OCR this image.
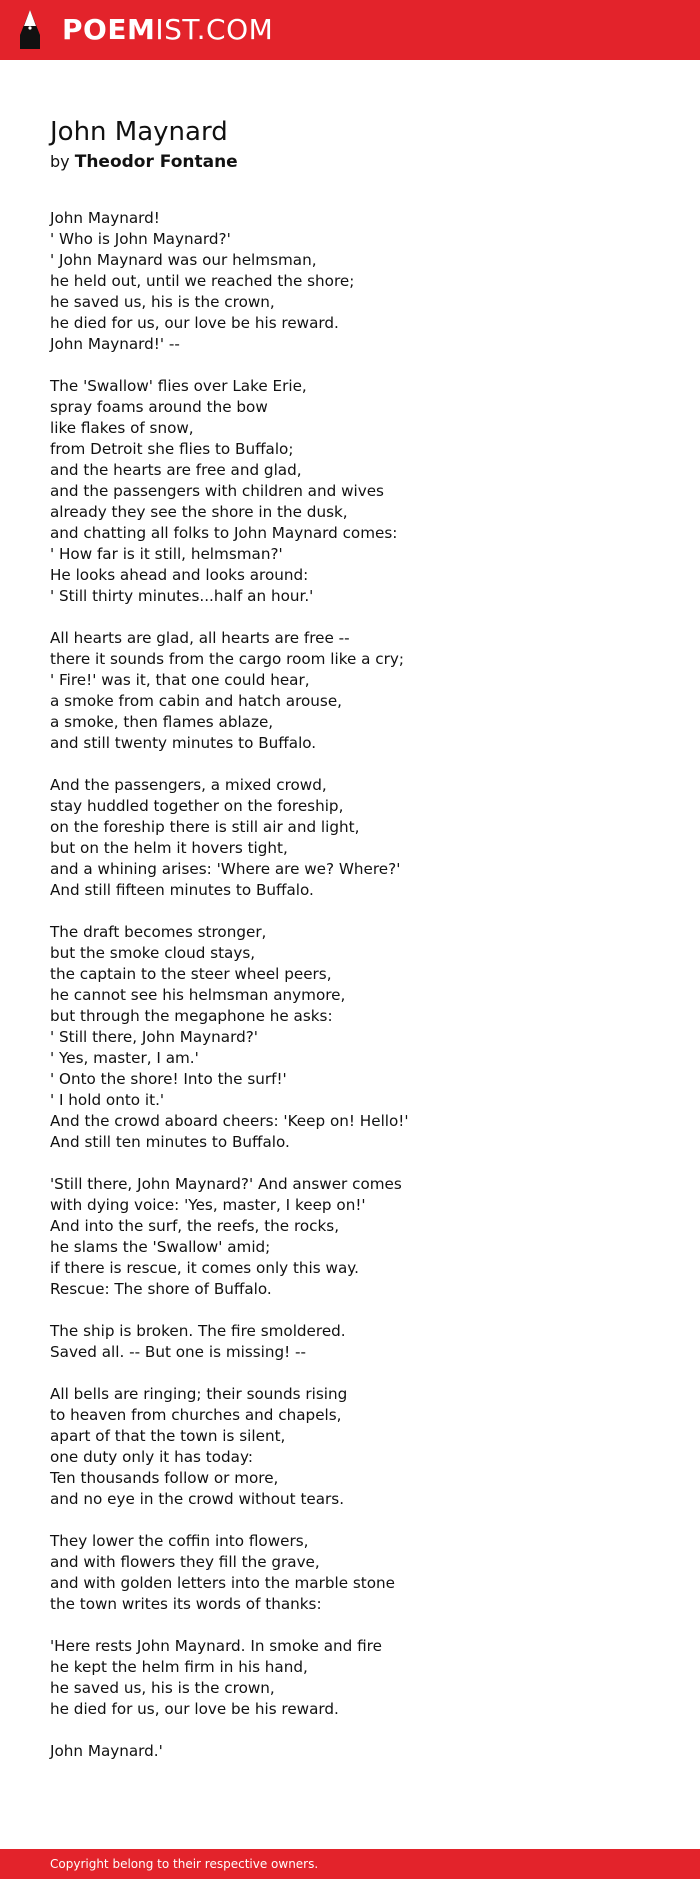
POEM IST.COM
John Maynard
by Theodor Fontane
John Maynard!
' Who is John Maynard?'
' John Maynard was our helmsman,
he held out, until we reached the shore;
he saved us, his is the crown,
he died for us, our love be his reward.
John Maynard!' --
The 'Swallow' flies over Lake Erie,
spray foams around the bow
like flakes of snow,
from Detroit she flies to Buffalo;
and the hearts are free and glad,
and the passengers with children and wives
already they see the shore in the dusk,
and chatting all folks to John Maynard comes:
' How far is it still, helmsman?'
He looks ahead and looks around:
' Still thirty minutes...half an hour.'
All hearts are glad, all hearts are free --
there it sounds from the cargo room like a cry;
' Fire!' was it, that one could hear,
a smoke from cabin and hatch arouse,
a smoke, then flames ablaze,
and still twenty minutes to Buffalo.
And the passengers, a mixed crowd,
stay huddled together on the foreship,
on the foreship there is still air and light,
but on the helm it hovers tight,
and a whining arises: 'Where are we? Where?'
And still fifteen minutes to Buffalo.
The draft becomes stronger,
but the smoke cloud stays,
the captain to the steer wheel peers,
he cannot see his helmsman anymore,
but through the megaphone he asks:
' Still there, John Maynard?'
' Yes, master, I am.'
' Onto the shore! Into the surf!'
' I hold onto it.'
And the crowd aboard cheers: 'Keep on! Hello!'
And still ten minutes to Buffalo.
'Still there, John Maynard?' And answer comes
with dying voice: 'Yes, master, I keep on!'
And into the surf, the reefs, the rocks,
he slams the 'Swallow' amid;
if there is rescue, it comes only this way.
Rescue: The shore of Buffalo.
The ship is broken. The fire smoldered.
Saved all. -- But one is missing! --
All bells are ringing; their sounds rising
to heaven from churches and chapels,
apart of that the town is silent,
one duty only it has today:
Ten thousands follow or more,
and no eye in the crowd without tears.
They lower the coffin into flowers,
and with flowers they fill the grave,
and with golden letters into the marble stone
the town writes its words of thanks:
'Here rests John Maynard. In smoke and fire
he kept the helm firm in his hand,
he saved us, his is the crown,
he died for us, our love be his reward.
John Maynard.'
Copyright belong to their respective owners.
